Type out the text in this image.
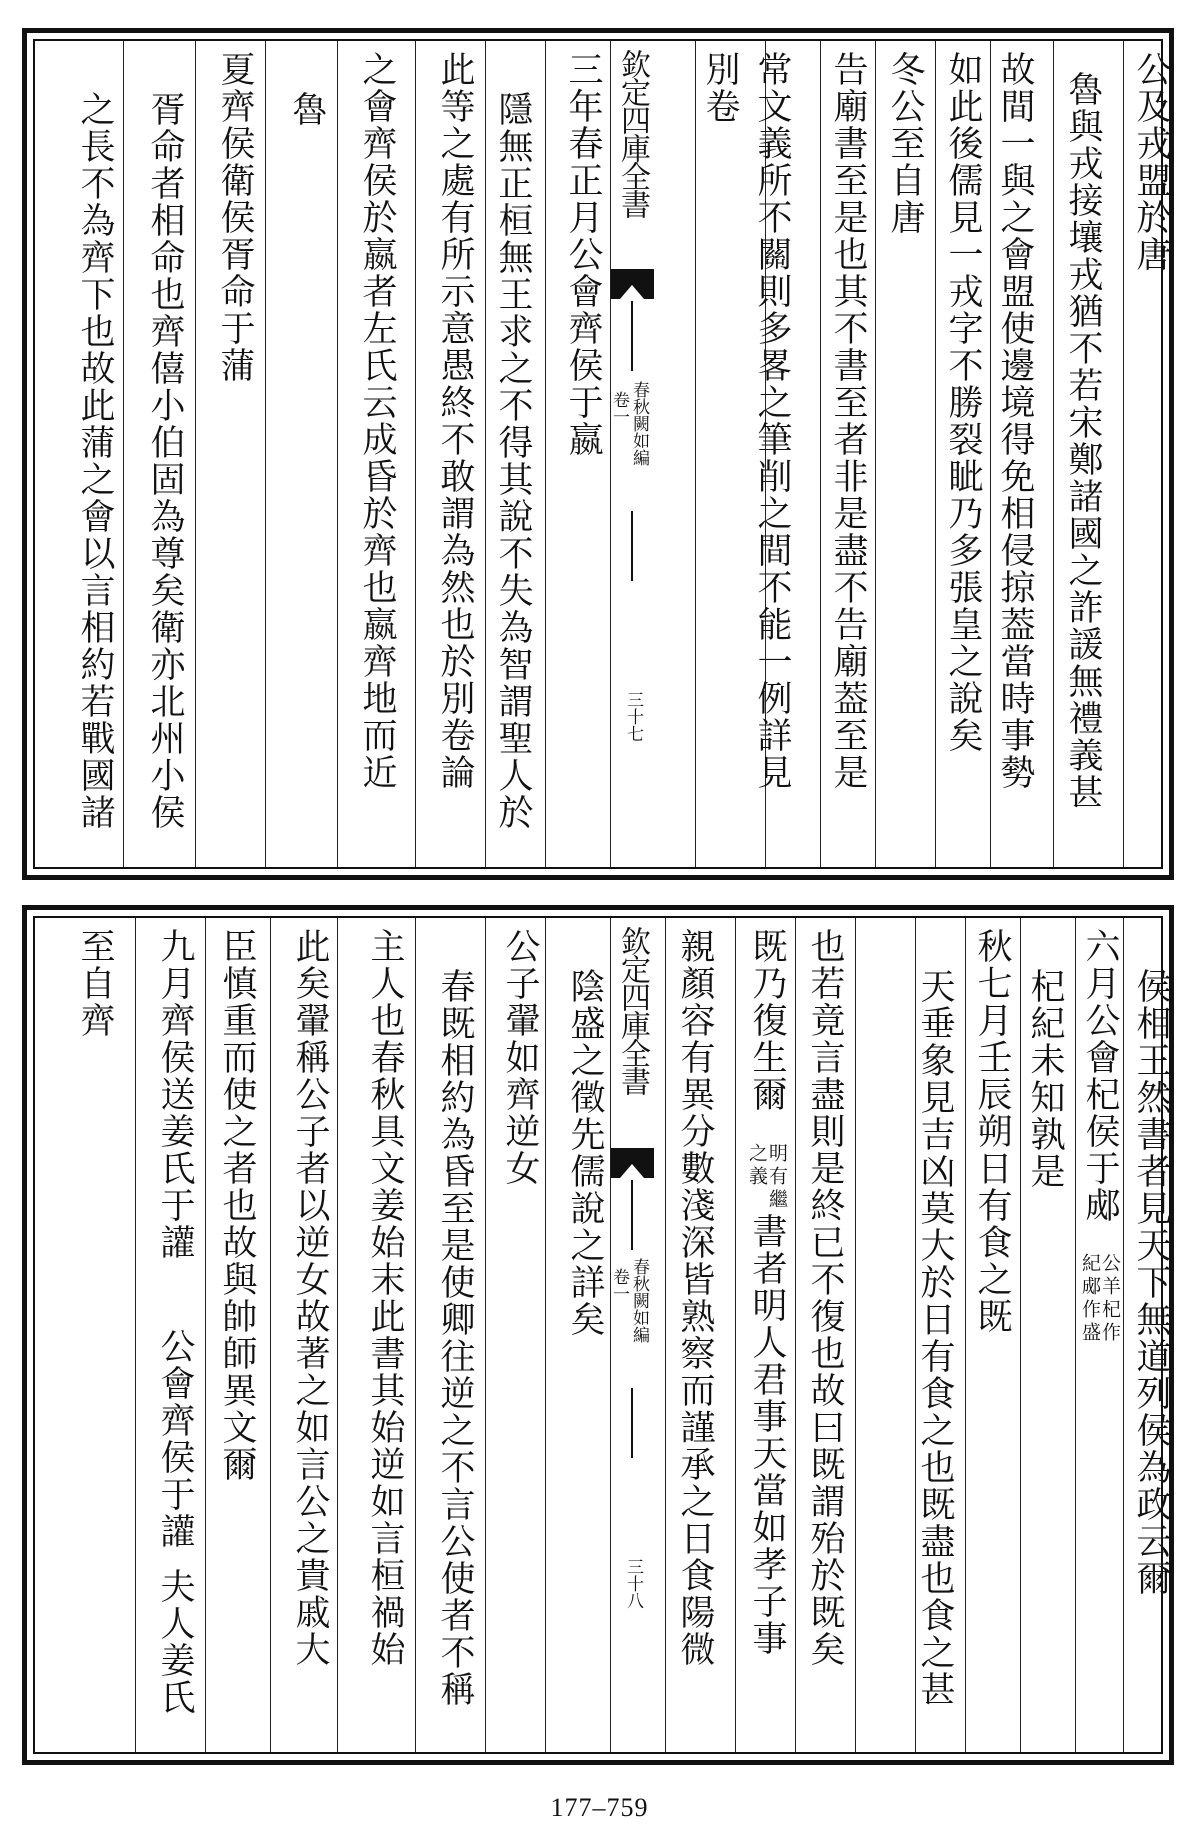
公及戎盟於唐
魯與戎接壤戎猶不若宋鄭諸國之詐諼無禮義甚
故間一與之會盟使邊境得免相侵掠葢當時事勢
如此後儒見一戎字不勝裂眦乃多張皇之說矣
冬公至自唐
告廟書至是也其不書至者非是盡不告廟葢至是
常文義所不關則多畧之筆削之間不能一例詳見
別卷
欽定四庫全書
春秋闕如編
卷一
三十七
三年春正月公會齊侯于嬴
隱無正桓無王求之不得其說不失為智謂聖人於
此等之處有所示意愚終不敢謂為然也於別卷論
之會齊侯於嬴者左氏云成昏於齊也嬴齊地而近
魯
夏齊侯衛侯胥命于蒲
胥命者相命也齊僖小伯固為尊矣衛亦北州小侯
之長不為齊下也故此蒲之會以言相約若戰國諸
侯相王然書者見天下無道列侯為政云爾
六月公會杞侯于郕
公羊杞作
紀郕作盛
杞紀未知孰是
秋七月壬辰朔日有食之既
天垂象見吉凶莫大於日有食之也既盡也食之甚
也若竟言盡則是終已不復也故曰既謂殆於既矣
既乃復生爾
明有繼
之義
書者明人君事天當如孝子事
親顏容有異分數淺深皆熟察而謹承之日食陽微
欽定四庫全書
春秋闕如編
卷一
三十八
陰盛之徵先儒說之詳矣
公子翬如齊逆女
春既相約為昏至是使卿往逆之不言公使者不稱
主人也春秋具文姜始末此書其始逆如言桓禍始
此矣翬稱公子者以逆女故著之如言公之貴戚大
臣慎重而使之者也故與帥師異文爾
九月齊侯送姜氏于讙
公會齊侯于讙
夫人姜氏
至自齊
177–759
